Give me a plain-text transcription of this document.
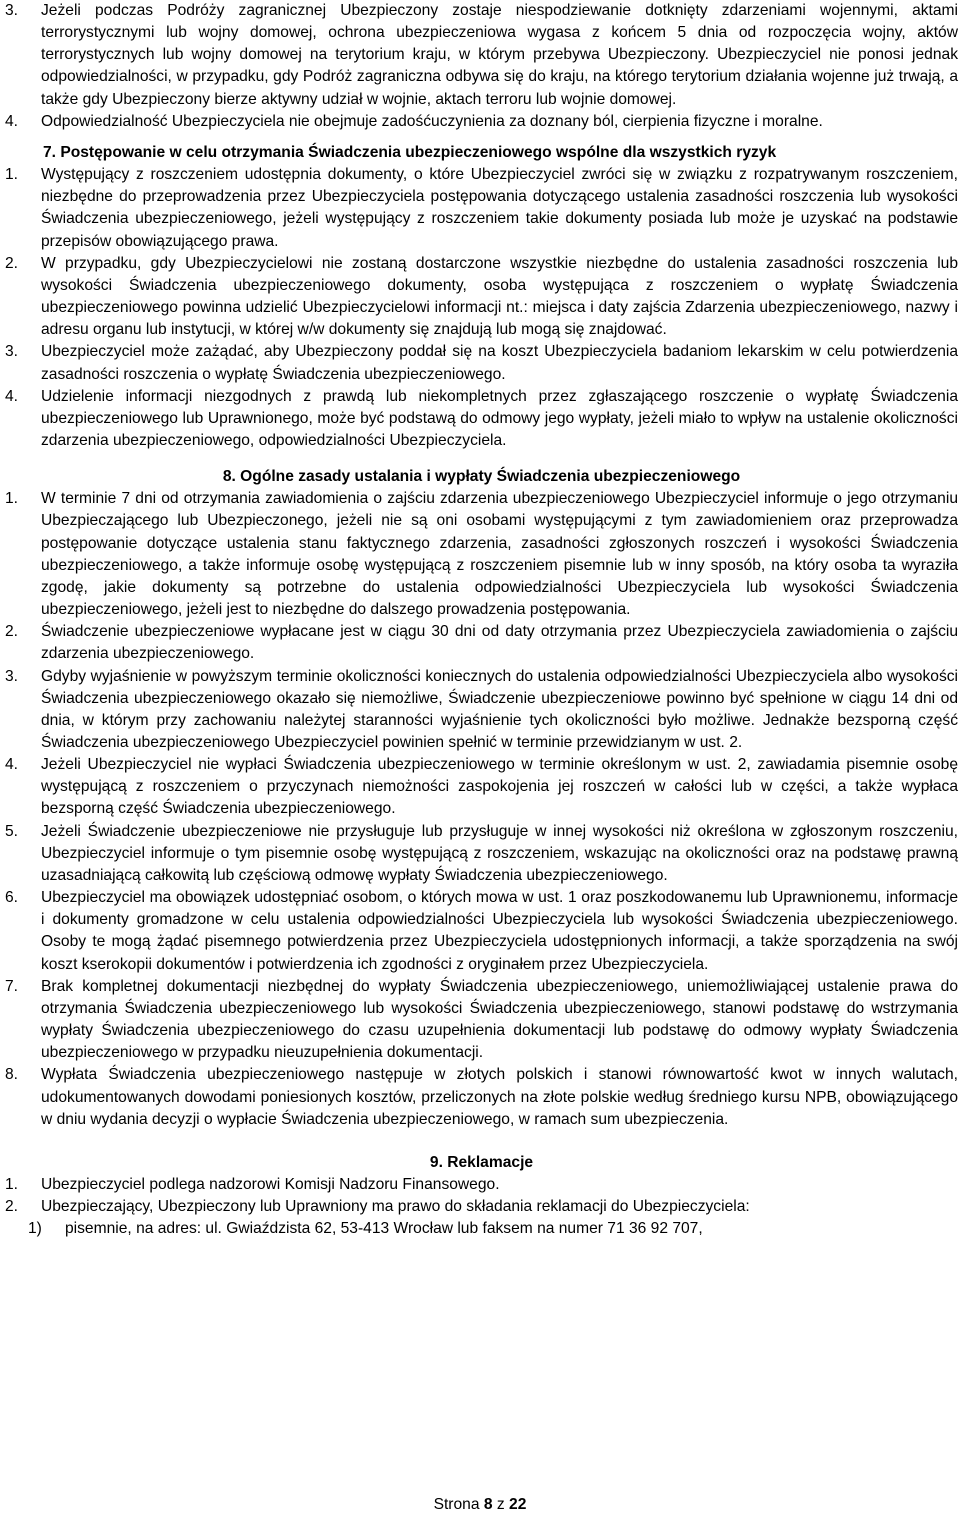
3. Jeżeli podczas Podróży zagranicznej Ubezpieczony zostaje niespodziewanie dotknięty zdarzeniami wojennymi, aktami terrorystycznymi lub wojny domowej, ochrona ubezpieczeniowa wygasa z końcem 5 dnia od rozpoczęcia wojny, aktów terrorystycznych lub wojny domowej na terytorium kraju, w którym przebywa Ubezpieczony. Ubezpieczyciel nie ponosi jednak odpowiedzialności, w przypadku, gdy Podróż zagraniczna odbywa się do kraju, na którego terytorium działania wojenne już trwają, a także gdy Ubezpieczony bierze aktywny udział w wojnie, aktach terroru lub wojnie domowej.
4. Odpowiedzialność Ubezpieczyciela nie obejmuje zadośćuczynienia za doznany ból, cierpienia fizyczne i moralne.
7. Postępowanie w celu otrzymania Świadczenia ubezpieczeniowego wspólne dla wszystkich ryzyk
1. Występujący z roszczeniem udostępnia dokumenty, o które Ubezpieczyciel zwróci się w związku z rozpatrywanym roszczeniem, niezbędne do przeprowadzenia przez Ubezpieczyciela postępowania dotyczącego ustalenia zasadności roszczenia lub wysokości Świadczenia ubezpieczeniowego, jeżeli występujący z roszczeniem takie dokumenty posiada lub może je uzyskać na podstawie przepisów obowiązującego prawa.
2. W przypadku, gdy Ubezpieczycielowi nie zostaną dostarczone wszystkie niezbędne do ustalenia zasadności roszczenia lub wysokości Świadczenia ubezpieczeniowego dokumenty, osoba występująca z roszczeniem o wypłatę Świadczenia ubezpieczeniowego powinna udzielić Ubezpieczycielowi informacji nt.: miejsca i daty zajścia Zdarzenia ubezpieczeniowego, nazwy i adresu organu lub instytucji, w której w/w dokumenty się znajdują lub mogą się znajdować.
3. Ubezpieczyciel może zażądać, aby Ubezpieczony poddał się na koszt Ubezpieczyciela badaniom lekarskim w celu potwierdzenia zasadności roszczenia o wypłatę Świadczenia ubezpieczeniowego.
4. Udzielenie informacji niezgodnych z prawdą lub niekompletnych przez zgłaszającego roszczenie o wypłatę Świadczenia ubezpieczeniowego lub Uprawnionego, może być podstawą do odmowy jego wypłaty, jeżeli miało to wpływ na ustalenie okoliczności zdarzenia ubezpieczeniowego, odpowiedzialności Ubezpieczyciela.
8. Ogólne zasady ustalania i wypłaty Świadczenia ubezpieczeniowego
1. W terminie 7 dni od otrzymania zawiadomienia o zajściu zdarzenia ubezpieczeniowego Ubezpieczyciel informuje o jego otrzymaniu Ubezpieczającego lub Ubezpieczonego, jeżeli nie są oni osobami występującymi z tym zawiadomieniem oraz przeprowadza postępowanie dotyczące ustalenia stanu faktycznego zdarzenia, zasadności zgłoszonych roszczeń i wysokości Świadczenia ubezpieczeniowego, a także informuje osobę występującą z roszczeniem pisemnie lub w inny sposób, na który osoba ta wyraziła zgodę, jakie dokumenty są potrzebne do ustalenia odpowiedzialności Ubezpieczyciela lub wysokości Świadczenia ubezpieczeniowego, jeżeli jest to niezbędne do dalszego prowadzenia postępowania.
2. Świadczenie ubezpieczeniowe wypłacane jest w ciągu 30 dni od daty otrzymania przez Ubezpieczyciela zawiadomienia o zajściu zdarzenia ubezpieczeniowego.
3. Gdyby wyjaśnienie w powyższym terminie okoliczności koniecznych do ustalenia odpowiedzialności Ubezpieczyciela albo wysokości Świadczenia ubezpieczeniowego okazało się niemożliwe, Świadczenie ubezpieczeniowe powinno być spełnione w ciągu 14 dni od dnia, w którym przy zachowaniu należytej staranności wyjaśnienie tych okoliczności było możliwe. Jednakże bezsporną część Świadczenia ubezpieczeniowego Ubezpieczyciel powinien spełnić w terminie przewidzianym w ust. 2.
4. Jeżeli Ubezpieczyciel nie wypłaci Świadczenia ubezpieczeniowego w terminie określonym w ust. 2, zawiadamia pisemnie osobę występującą z roszczeniem o przyczynach niemożności zaspokojenia jej roszczeń w całości lub w części, a także wypłaca bezsporną część Świadczenia ubezpieczeniowego.
5. Jeżeli Świadczenie ubezpieczeniowe nie przysługuje lub przysługuje w innej wysokości niż określona w zgłoszonym roszczeniu, Ubezpieczyciel informuje o tym pisemnie osobę występującą z roszczeniem, wskazując na okoliczności oraz na podstawę prawną uzasadniającą całkowitą lub częściową odmowę wypłaty Świadczenia ubezpieczeniowego.
6. Ubezpieczyciel ma obowiązek udostępniać osobom, o których mowa w ust. 1 oraz poszkodowanemu lub Uprawnionemu, informacje i dokumenty gromadzone w celu ustalenia odpowiedzialności Ubezpieczyciela lub wysokości Świadczenia ubezpieczeniowego. Osoby te mogą żądać pisemnego potwierdzenia przez Ubezpieczyciela udostępnionych informacji, a także sporządzenia na swój koszt kserokopii dokumentów i potwierdzenia ich zgodności z oryginałem przez Ubezpieczyciela.
7. Brak kompletnej dokumentacji niezbędnej do wypłaty Świadczenia ubezpieczeniowego, uniemożliwiającej ustalenie prawa do otrzymania Świadczenia ubezpieczeniowego lub wysokości Świadczenia ubezpieczeniowego, stanowi podstawę do wstrzymania wypłaty Świadczenia ubezpieczeniowego do czasu uzupełnienia dokumentacji lub podstawę do odmowy wypłaty Świadczenia ubezpieczeniowego w przypadku nieuzupełnienia dokumentacji.
8. Wypłata Świadczenia ubezpieczeniowego następuje w złotych polskich i stanowi równowartość kwot w innych walutach, udokumentowanych dowodami poniesionych kosztów, przeliczonych na złote polskie według średniego kursu NPB, obowiązującego w dniu wydania decyzji o wypłacie Świadczenia ubezpieczeniowego, w ramach sum ubezpieczenia.
9. Reklamacje
1. Ubezpieczyciel podlega nadzorowi Komisji Nadzoru Finansowego.
2. Ubezpieczający, Ubezpieczony lub Uprawniony ma prawo do składania reklamacji do Ubezpieczyciela:
1) pisemnie, na adres: ul. Gwiaździsta 62, 53-413 Wrocław lub faksem na numer 71 36 92 707,
Strona 8 z 22
